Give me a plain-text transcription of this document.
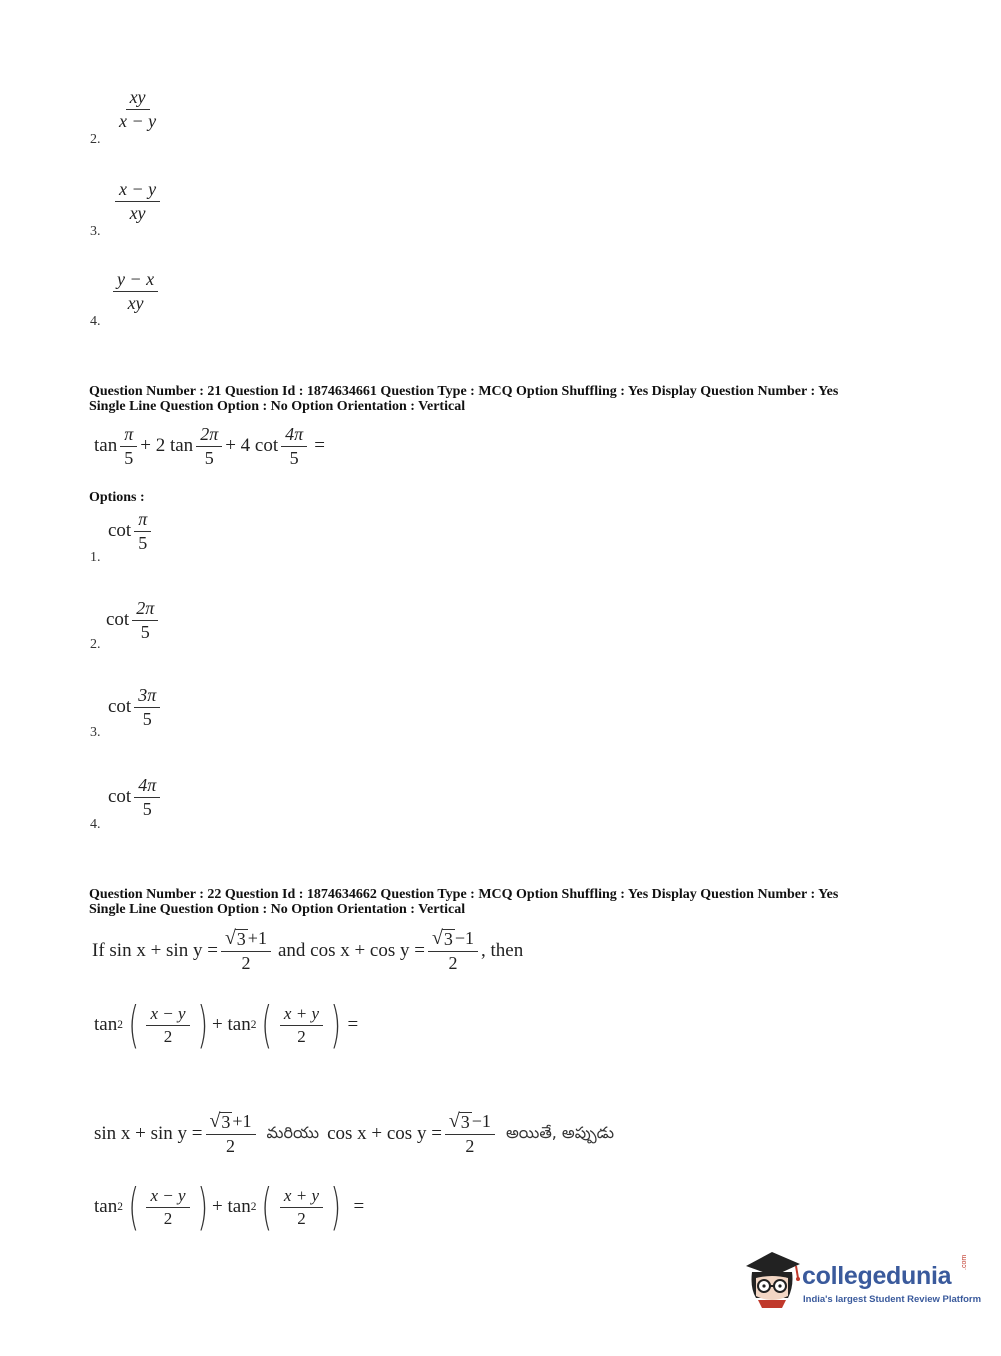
2.
$\frac{xy}{x - y}$
3.
$\frac{x - y}{xy}$
4.
$\frac{y - x}{xy}$
Question Number : 21 Question Id : 1874634661 Question Type : MCQ Option Shuffling : Yes Display Question Number : Yes
Single Line Question Option : No Option Orientation : Vertical
$\tan \frac{\pi}{5} + 2$ $\tan \frac{2\pi}{5} + 4$ $\cot \frac{4\pi}{5}$ =
Options :
1.
$\cot \frac{\pi}{5}$
2.
$\cot \frac{2\pi}{5}$
3.
$\cot \frac{3\pi}{5}$
4.
$\cot \frac{4\pi}{5}$
Question Number : 22 Question Id : 1874634662 Question Type : MCQ Option Shuffling : Yes Display Question Number : Yes
Single Line Question Option : No Option Orientation : Vertical
If $\sin x + \sin y = \frac{√ 3 +1}{2}$ and $\cos x + \cos y = \frac{√ 3 -1}{2}$ , then
tan 2 ( $\frac{x - y}{2}$ ) + tan 2 ( $\frac{x + y}{2}$ ) =
$\sin x + \sin y = \frac{√ 3 +1}{2}$ మరియు $\cos x + \cos y = \frac{√ 3 -1}{2}$ అయితే, అప్పుడు
tan 2 ( $\frac{x - y}{2}$ ) + tan 2 ( $\frac{x + y}{2}$ ) =
collegedunia .com
India's largest Student Review Platform
